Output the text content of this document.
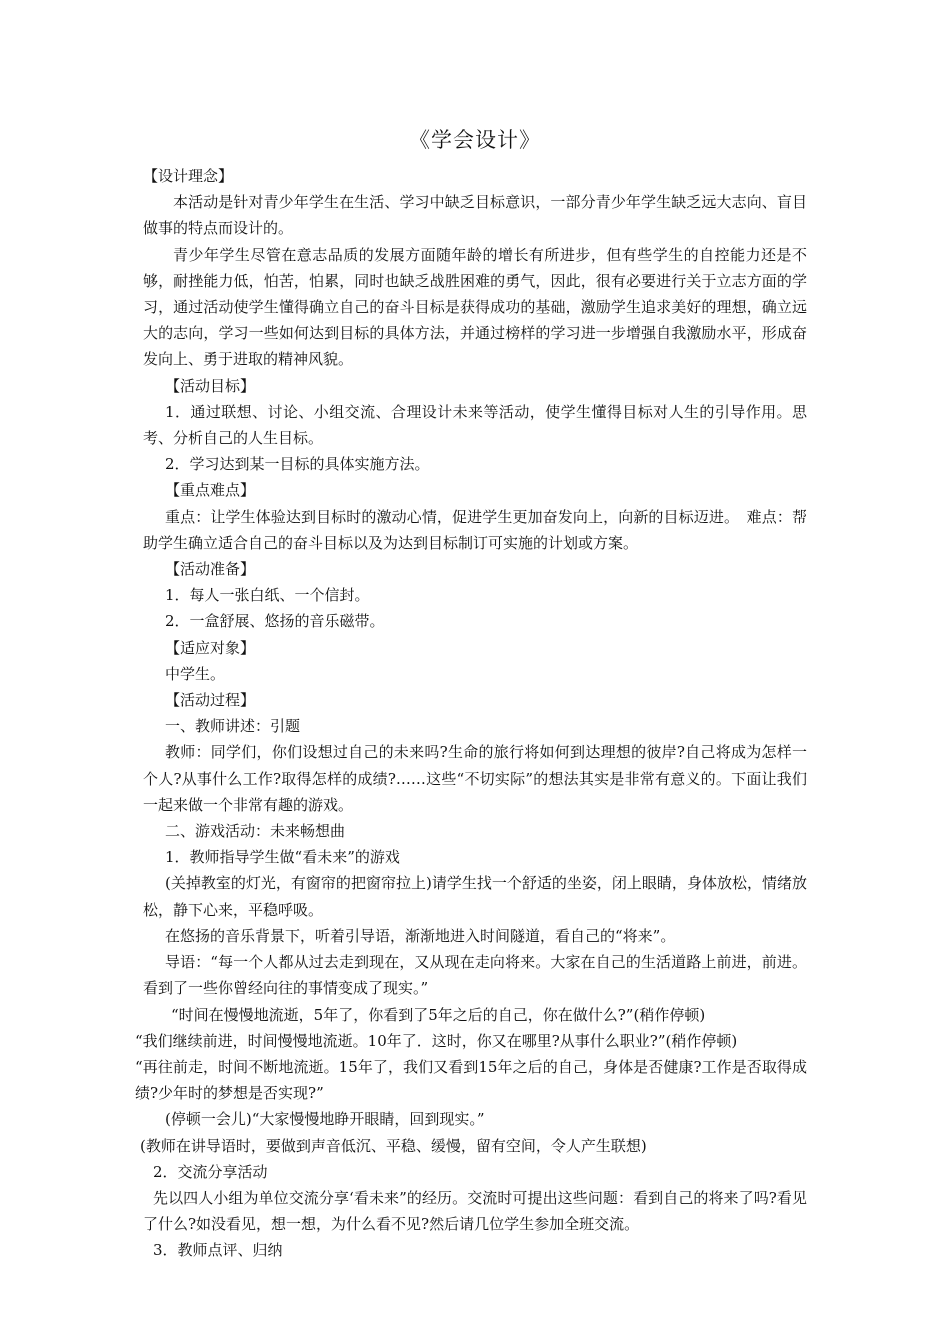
《学会设计》

【设计理念】

本活动是针对青少年学生在生活、学习中缺乏目标意识，一部分青少年学生缺乏远大志向、盲目做事的特点而设计的。

青少年学生尽管在意志品质的发展方面随年龄的增长有所进步，但有些学生的自控能力还是不够，耐挫能力低，怕苦，怕累，同时也缺乏战胜困难的勇气，因此，很有必要进行关于立志方面的学习，通过活动使学生懂得确立自己的奋斗目标是获得成功的基础，激励学生追求美好的理想，确立远大的志向，学习一些如何达到目标的具体方法，并通过榜样的学习进一步增强自我激励水平，形成奋发向上、勇于进取的精神风貌。

【活动目标】

1．通过联想、讨论、小组交流、合理设计未来等活动，使学生懂得目标对人生的引导作用。思考、分析自己的人生目标。

2．学习达到某一目标的具体实施方法。

【重点难点】

重点：让学生体验达到目标时的激动心情，促进学生更加奋发向上，向新的目标迈进。　难点：帮助学生确立适合自己的奋斗目标以及为达到目标制订可实施的计划或方案。

【活动准备】

1．每人一张白纸、一个信封。

2．一盒舒展、悠扬的音乐磁带。

【适应对象】

中学生。

【活动过程】

一、教师讲述：引题

教师：同学们，你们设想过自己的未来吗?生命的旅行将如何到达理想的彼岸?自己将成为怎样一个人?从事什么工作?取得怎样的成绩?……这些“不切实际”的想法其实是非常有意义的。下面让我们一起来做一个非常有趣的游戏。

二、游戏活动：未来畅想曲

1．教师指导学生做“看未来”的游戏

(关掉教室的灯光，有窗帘的把窗帘拉上)请学生找一个舒适的坐姿，闭上眼睛，身体放松，情绪放松，静下心来，平稳呼吸。

在悠扬的音乐背景下，听着引导语，渐渐地进入时间隧道，看自己的“将来”。

导语：“每一个人都从过去走到现在，又从现在走向将来。大家在自己的生活道路上前进，前进。看到了一些你曾经向往的事情变成了现实。”

“时间在慢慢地流逝，5年了，你看到了5年之后的自己，你在做什么?”(稍作停顿)

“我们继续前进，时间慢慢地流逝。10年了．这时，你又在哪里?从事什么职业?”(稍作停顿)

“再往前走，时间不断地流逝。15年了，我们又看到15年之后的自己，身体是否健康?工作是否取得成绩?少年时的梦想是否实现?”

(停顿一会儿)“大家慢慢地睁开眼睛，回到现实。”

(教师在讲导语时，要做到声音低沉、平稳、缓慢，留有空间，令人产生联想)

2．交流分享活动

先以四人小组为单位交流分享‘看未来”的经历。交流时可提出这些问题：看到自己的将来了吗?看见了什么?如没看见，想一想，为什么看不见?然后请几位学生参加全班交流。

3．教师点评、归纳
